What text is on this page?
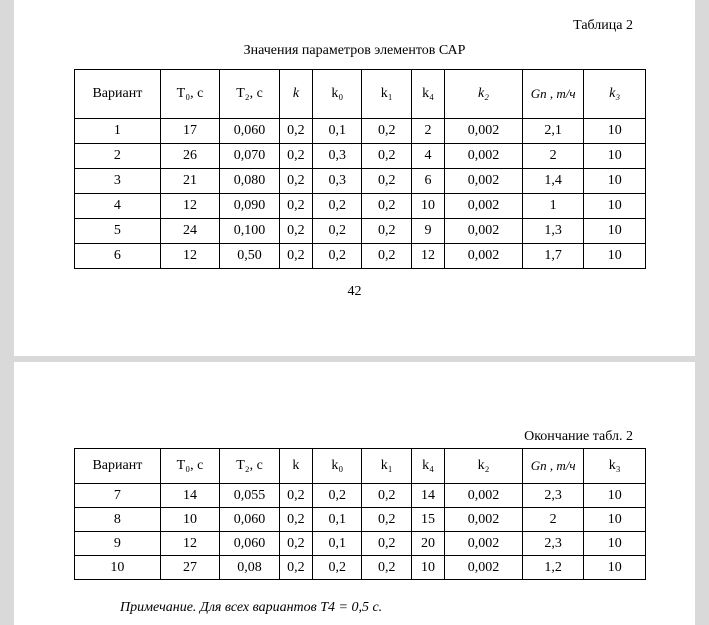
Таблица 2
Значения параметров элементов САР
Вариант	T₀, с	T₂, с	k	k₀	k₁	k₄	k₂	Gп , т/ч	k₃
1	17	0,060	0,2	0,1	0,2	2	0,002	2,1	10
2	26	0,070	0,2	0,3	0,2	4	0,002	2	10
3	21	0,080	0,2	0,3	0,2	6	0,002	1,4	10
4	12	0,090	0,2	0,2	0,2	10	0,002	1	10
5	24	0,100	0,2	0,2	0,2	9	0,002	1,3	10
6	12	0,50	0,2	0,2	0,2	12	0,002	1,7	10
42
Окончание табл. 2
Вариант	T₀, с	T₂, с	k	k₀	k₁	k₄	k₂	Gп , т/ч	k₃
7	14	0,055	0,2	0,2	0,2	14	0,002	2,3	10
8	10	0,060	0,2	0,1	0,2	15	0,002	2	10
9	12	0,060	0,2	0,1	0,2	20	0,002	2,3	10
10	27	0,08	0,2	0,2	0,2	10	0,002	1,2	10
Примечание. Для всех вариантов Т4 = 0,5 с.
